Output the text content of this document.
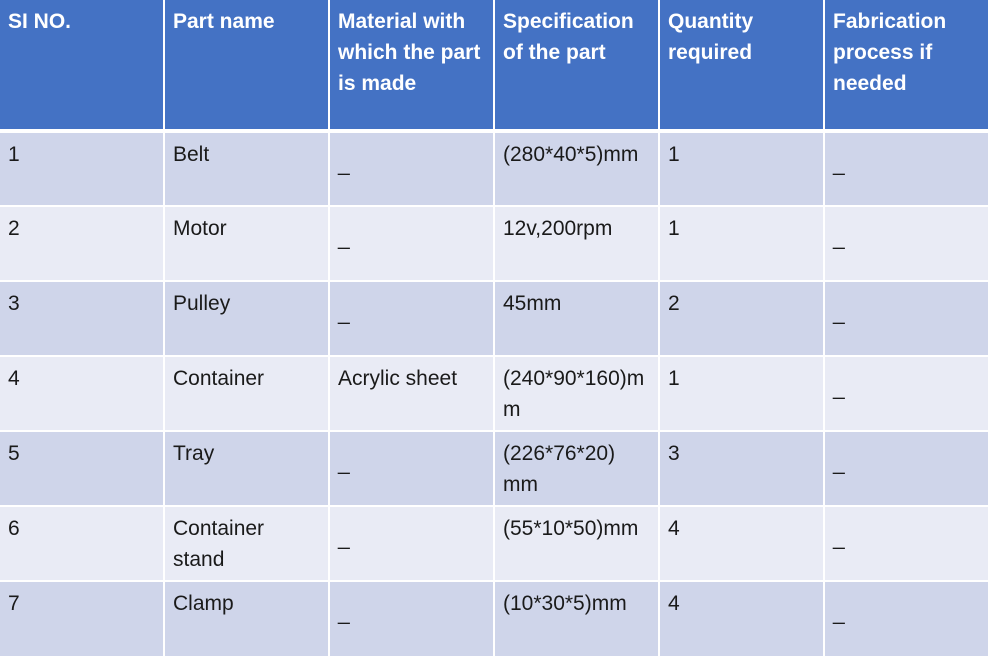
SI NO.	Part name	Material with which the part is made	Specification of the part	Quantity required	Fabrication process if needed
1	Belt	_	(280*40*5)mm	1	_
2	Motor	_	12v,200rpm	1	_
3	Pulley	_	45mm	2	_
4	Container	Acrylic sheet	(240*90*160)mm	1	_
5	Tray	_	(226*76*20) mm	3	_
6	Container stand	_	(55*10*50)mm	4	_
7	Clamp	_	(10*30*5)mm	4	_
